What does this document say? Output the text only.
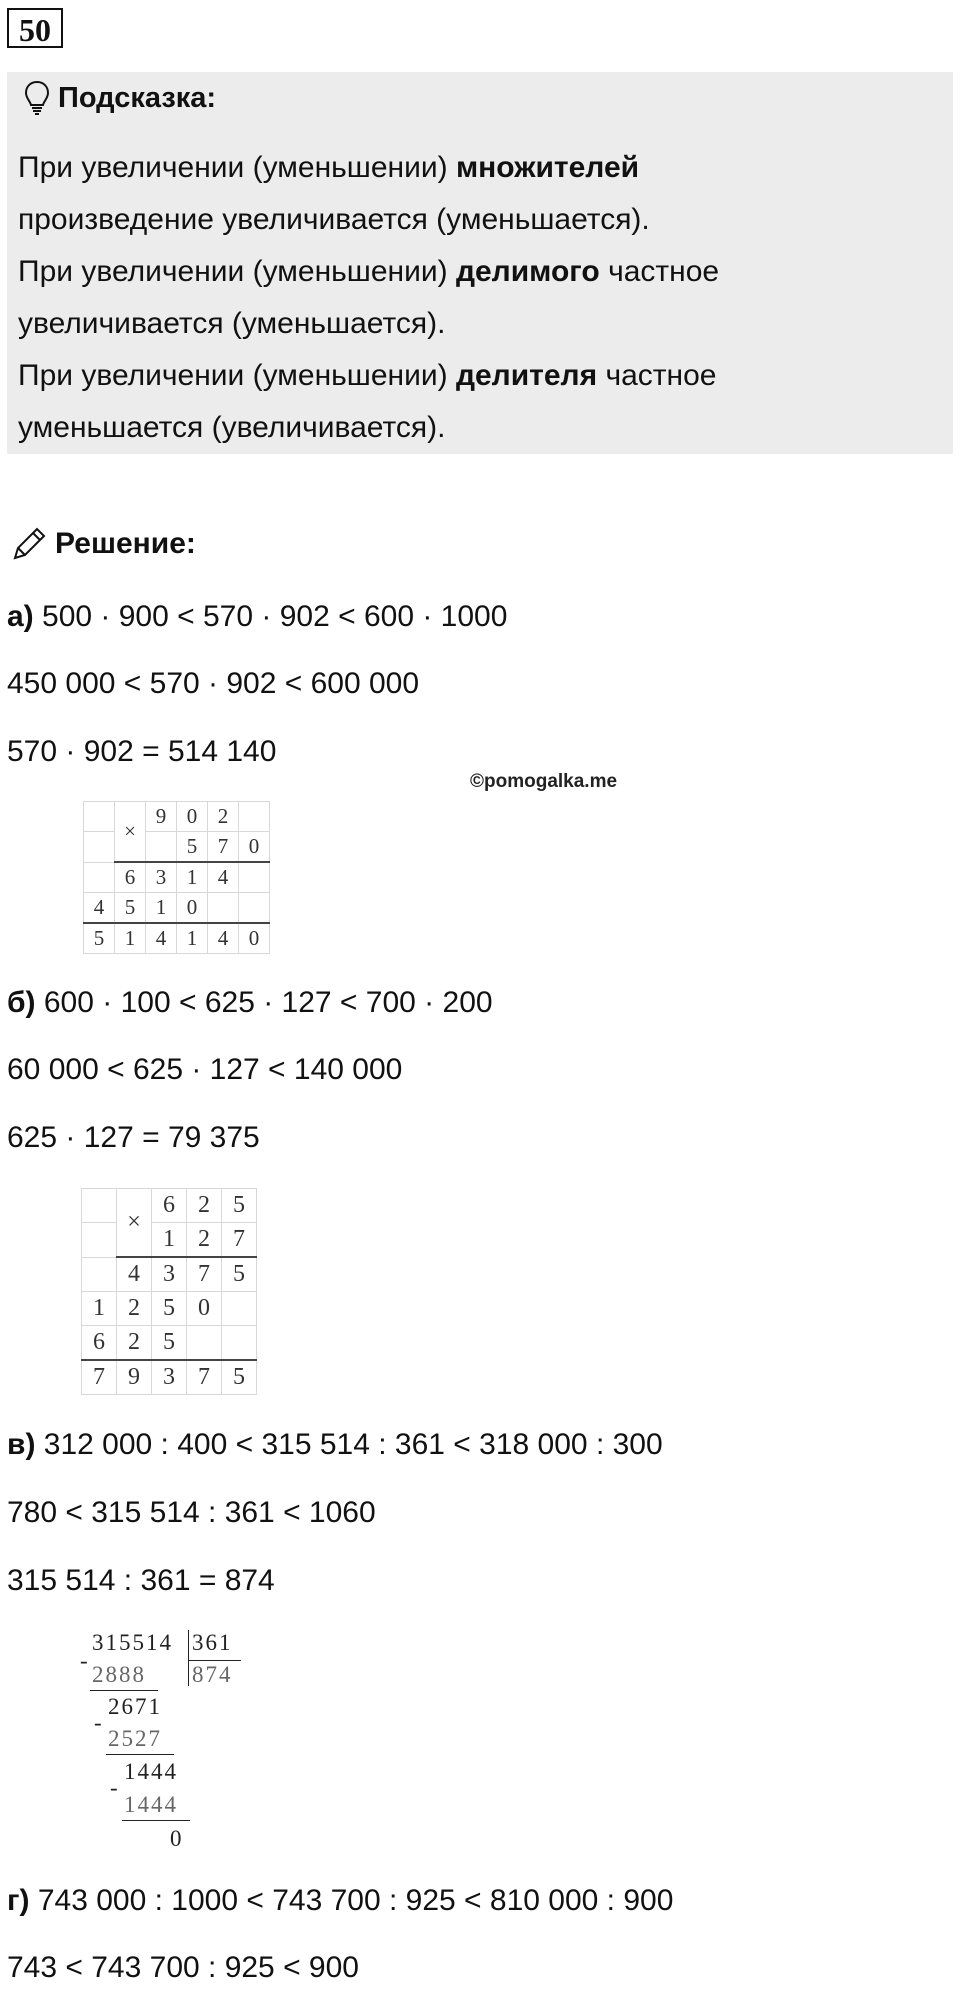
50
Подсказка:
При увеличении (уменьшении) множителей
произведение увеличивается (уменьшается).
При увеличении (уменьшении) делимого частное
увеличивается (уменьшается).
При увеличении (уменьшении) делителя частное
уменьшается (увеличивается).
Решение:
а) 500 · 900 < 570 · 902 < 600 · 1000
450 000 < 570 · 902 < 600 000
570 · 902 = 514 140
©pomogalka.me
	×	9	0	2	
			5	7	0
	6	3	1	4	
4	5	1	0		
5	1	4	1	4	0
б) 600 · 100 < 625 · 127 < 700 · 200
60 000 < 625 · 127 < 140 000
625 · 127 = 79 375
	×	6	2	5
		1	2	7
	4	3	7	5
1	2	5	0	
6	2	5		
7	9	3	7	5
в) 312 000 : 400 < 315 514 : 361 < 318 000 : 300
780 < 315 514 : 361 < 1060
315 514 : 361 = 874
-
315514 361
874
2888
2671
-
2527
1444
-
1444
0
г) 743 000 : 1000 < 743 700 : 925 < 810 000 : 900
743 < 743 700 : 925 < 900
